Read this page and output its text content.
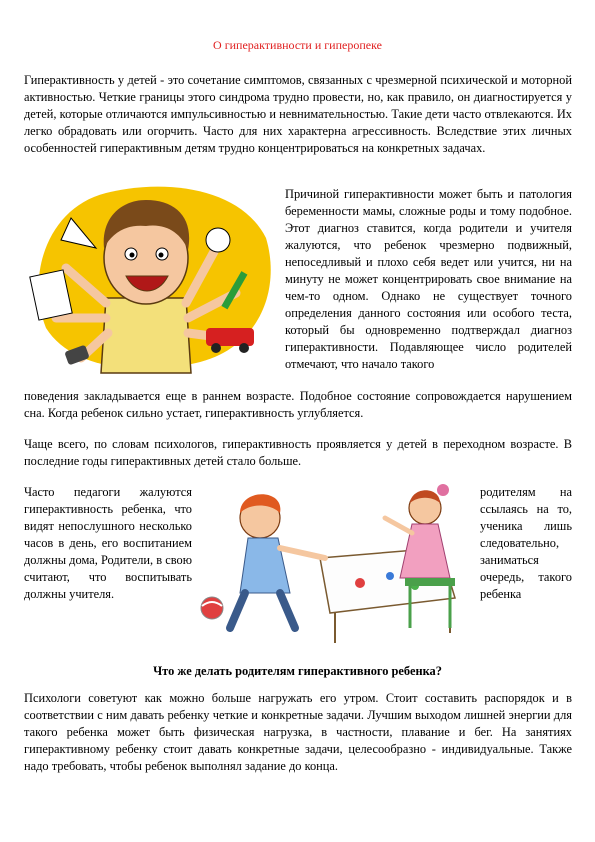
О гиперактивности и гиперопеке

Гиперактивность у детей - это сочетание симптомов, связанных с чрезмерной психической и моторной активностью. Четкие границы этого синдрома трудно провести, но, как правило, он диагностируется у детей, которые отличаются импульсивностью и невнимательностью. Такие дети часто отвлекаются. Их легко обрадовать или огорчить. Часто для них характерна агрессивность. Вследствие этих личных особенностей гиперактивным детям трудно концентрироваться на конкретных задачах.

Причиной гиперактивности может быть и патология беременности мамы, сложные роды и тому подобное. Этот диагноз ставится, когда родители и учителя жалуются, что ребенок чрезмерно подвижный, непоседливый и плохо себя ведет или учится, ни на минуту не может концентрировать свое внимание на чем-то одном. Однако не существует точного определения данного состояния или особого теста, который бы одновременно подтверждал диагноз гиперактивности. Подавляющее число родителей отмечают, что начало такого

поведения закладывается еще в раннем возрасте. Подобное состояние сопровождается нарушением сна. Когда ребенок сильно устает, гиперактивность углубляется.

Чаще всего, по словам психологов, гиперактивность проявляется у детей в переходном возрасте. В последние годы гиперактивных детей стало больше.

Часто педагоги жалуются гиперактивность ребенка, что видят непослушного несколько часов в день, его воспитанием должны дома, Родители, в свою считают, что воспитывать должны учителя.

родителям на ссылаясь на то, ученика лишь следовательно, заниматься очередь, такого ребенка

Что же делать родителям гиперактивного ребенка?

Психологи советуют как можно больше нагружать его утром. Стоит составить распорядок и в соответствии с ним давать ребенку четкие и конкретные задачи. Лучшим выходом лишней энергии для такого ребенка может быть физическая нагрузка, в частности, плавание и бег. На занятиях гиперактивному ребенку стоит давать конкретные задачи, целесообразно - индивидуальные. Также надо требовать, чтобы ребенок выполнял задание до конца.
